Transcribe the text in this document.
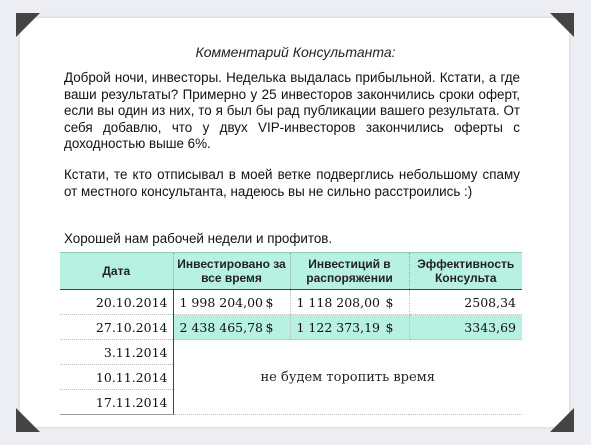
Комментарий Консультанта:
Доброй ночи, инвесторы. Неделька выдалась прибыльной. Кстати, а где ваши результаты? Примерно у 25 инвесторов закончились сроки оферт, если вы один из них, то я был бы рад публикации вашего результата. От себя добавлю, что у двух VIP-инвесторов закончились оферты с доходностью выше 6%.
Кстати, те кто отписывал в моей ветке подверглись небольшому спаму от местного консультанта, надеюсь вы не сильно расстроились :)
Хорошей нам рабочей недели и профитов.
Дата	Инвестировано за все время	Инвестиций в распоряжении	Эффективность Консульта
20.10.2014	1 998 204,00 $	1 118 208,00 $	2508,34
27.10.2014	2 438 465,78 $	1 122 373,19 $	3343,69
3.11.2014	не будем торопить время		
10.11.2014			
17.11.2014			
